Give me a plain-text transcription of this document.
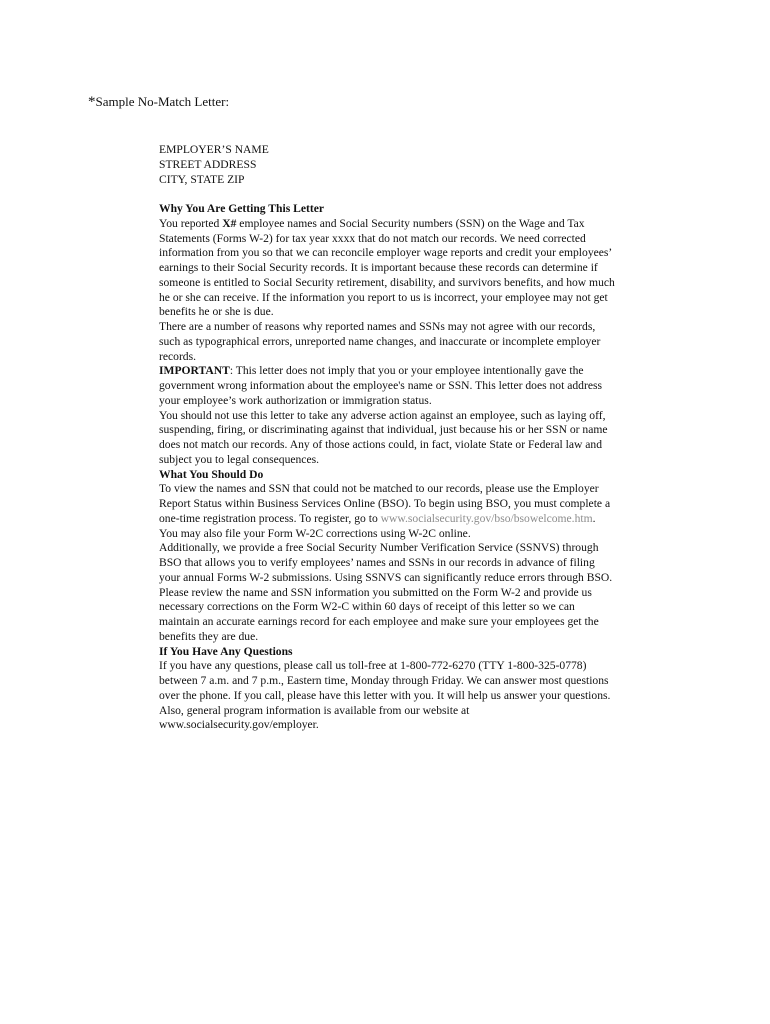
*Sample No-Match Letter:
EMPLOYER’S NAME
STREET ADDRESS
CITY, STATE ZIP
Why You Are Getting This Letter
You reported X# employee names and Social Security numbers (SSN) on the Wage and Tax
Statements (Forms W-2) for tax year xxxx that do not match our records. We need corrected
information from you so that we can reconcile employer wage reports and credit your employees’
earnings to their Social Security records. It is important because these records can determine if
someone is entitled to Social Security retirement, disability, and survivors benefits, and how much
he or she can receive. If the information you report to us is incorrect, your employee may not get
benefits he or she is due.
There are a number of reasons why reported names and SSNs may not agree with our records,
such as typographical errors, unreported name changes, and inaccurate or incomplete employer
records.
IMPORTANT: This letter does not imply that you or your employee intentionally gave the
government wrong information about the employee's name or SSN. This letter does not address
your employee’s work authorization or immigration status.
You should not use this letter to take any adverse action against an employee, such as laying off,
suspending, firing, or discriminating against that individual, just because his or her SSN or name
does not match our records. Any of those actions could, in fact, violate State or Federal law and
subject you to legal consequences.
What You Should Do
To view the names and SSN that could not be matched to our records, please use the Employer
Report Status within Business Services Online (BSO). To begin using BSO, you must complete a
one-time registration process. To register, go to www.socialsecurity.gov/bso/bsowelcome.htm.
You may also file your Form W-2C corrections using W-2C online.
Additionally, we provide a free Social Security Number Verification Service (SSNVS) through
BSO that allows you to verify employees’ names and SSNs in our records in advance of filing
your annual Forms W-2 submissions. Using SSNVS can significantly reduce errors through BSO.
Please review the name and SSN information you submitted on the Form W-2 and provide us
necessary corrections on the Form W2-C within 60 days of receipt of this letter so we can
maintain an accurate earnings record for each employee and make sure your employees get the
benefits they are due.
If You Have Any Questions
If you have any questions, please call us toll-free at 1-800-772-6270 (TTY 1-800-325-0778)
between 7 a.m. and 7 p.m., Eastern time, Monday through Friday. We can answer most questions
over the phone. If you call, please have this letter with you. It will help us answer your questions.
Also, general program information is available from our website at
www.socialsecurity.gov/employer.
